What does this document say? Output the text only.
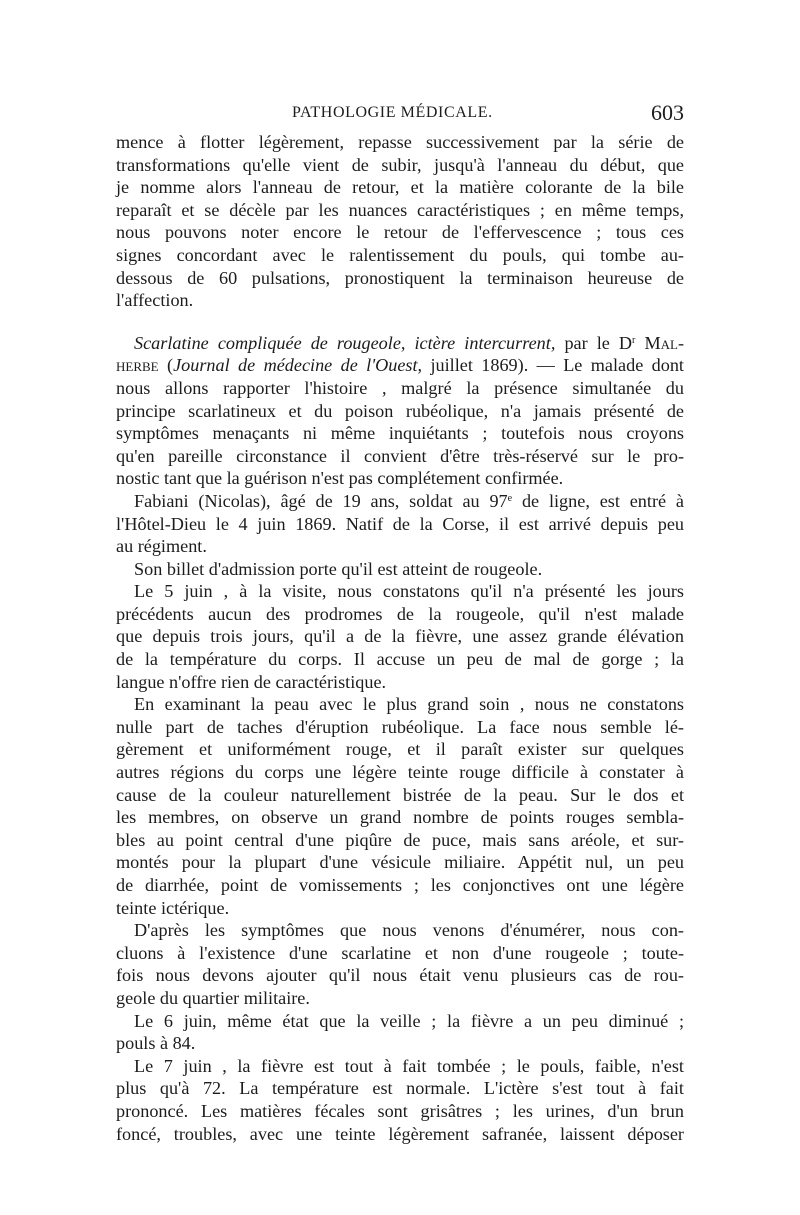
PATHOLOGIE MÉDICALE.	603
mence à flotter légèrement, repasse successivement par la série de
transformations qu'elle vient de subir, jusqu'à l'anneau du début, que
je nomme alors l'anneau de retour, et la matière colorante de la bile
reparaît et se décèle par les nuances caractéristiques ; en même temps,
nous pouvons noter encore le retour de l'effervescence ; tous ces
signes concordant avec le ralentissement du pouls, qui tombe au-
dessous de 60 pulsations, pronostiquent la terminaison heureuse de
l'affection.
Scarlatine compliquée de rougeole, ictère intercurrent, par le $D^r$ Mal-
herbe (Journal de médecine de l'Ouest, juillet 1869). — Le malade dont
nous allons rapporter l'histoire , malgré la présence simultanée du
principe scarlatineux et du poison rubéolique, n'a jamais présenté de
symptômes menaçants ni même inquiétants ; toutefois nous croyons
qu'en pareille circonstance il convient d'être très-réservé sur le pro-
nostic tant que la guérison n'est pas complétement confirmée.
Fabiani (Nicolas), âgé de 19 ans, soldat au 97e de ligne, est entré à
l'Hôtel-Dieu le 4 juin 1869. Natif de la Corse, il est arrivé depuis peu
au régiment.
Son billet d'admission porte qu'il est atteint de rougeole.
Le 5 juin , à la visite, nous constatons qu'il n'a présenté les jours
précédents aucun des prodromes de la rougeole, qu'il n'est malade
que depuis trois jours, qu'il a de la fièvre, une assez grande élévation
de la température du corps. Il accuse un peu de mal de gorge ; la
langue n'offre rien de caractéristique.
En examinant la peau avec le plus grand soin , nous ne constatons
nulle part de taches d'éruption rubéolique. La face nous semble lé-
gèrement et uniformément rouge, et il paraît exister sur quelques
autres régions du corps une légère teinte rouge difficile à constater à
cause de la couleur naturellement bistrée de la peau. Sur le dos et
les membres, on observe un grand nombre de points rouges sembla-
bles au point central d'une piqûre de puce, mais sans aréole, et sur-
montés pour la plupart d'une vésicule miliaire. Appétit nul, un peu
de diarrhée, point de vomissements ; les conjonctives ont une légère
teinte ictérique.
D'après les symptômes que nous venons d'énumérer, nous con-
cluons à l'existence d'une scarlatine et non d'une rougeole ; toute-
fois nous devons ajouter qu'il nous était venu plusieurs cas de rou-
geole du quartier militaire.
Le 6 juin, même état que la veille ; la fièvre a un peu diminué ;
pouls à 84.
Le 7 juin , la fièvre est tout à fait tombée ; le pouls, faible, n'est
plus qu'à 72. La température est normale. L'ictère s'est tout à fait
prononcé. Les matières fécales sont grisâtres ; les urines, d'un brun
foncé, troubles, avec une teinte légèrement safranée, laissent déposer
